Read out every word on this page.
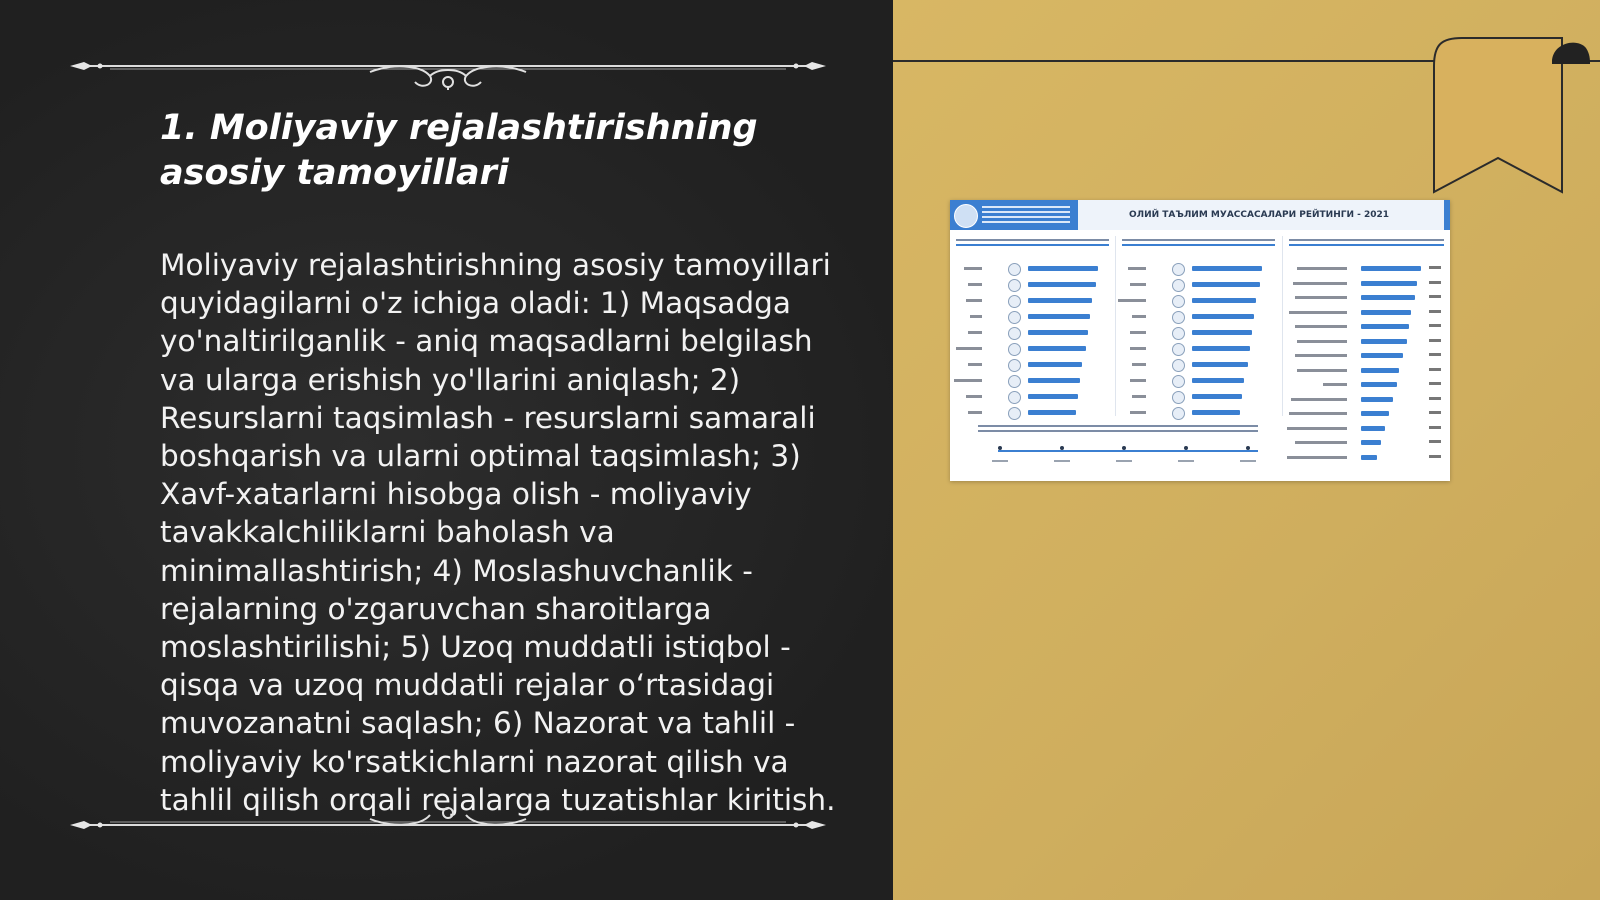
1. Moliyaviy rejalashtirishning asosiy tamoyillari

Moliyaviy rejalashtirishning asosiy tamoyillari quyidagilarni o'z ichiga oladi: 1) Maqsadga yo'naltirilganlik - aniq maqsadlarni belgilash va ularga erishish yo'llarini aniqlash; 2) Resurslarni taqsimlash - resurslarni samarali boshqarish va ularni optimal taqsimlash; 3) Xavf-xatarlarni hisobga olish - moliyaviy tavakkalchiliklarni baholash va minimallashtirish; 4) Moslashuvchanlik - rejalarning o'zgaruvchan sharoitlarga moslashtirilishi; 5) Uzoq muddatli istiqbol - qisqa va uzoq muddatli rejalar o‘rtasidagi muvozanatni saqlash; 6) Nazorat va tahlil - moliyaviy ko'rsatkichlarni nazorat qilish va tahlil qilish orqali rejalarga tuzatishlar kiritish.

ОЛИЙ ТАЪЛИМ МУАССАСАЛАРИ РЕЙТИНГИ - 2021
